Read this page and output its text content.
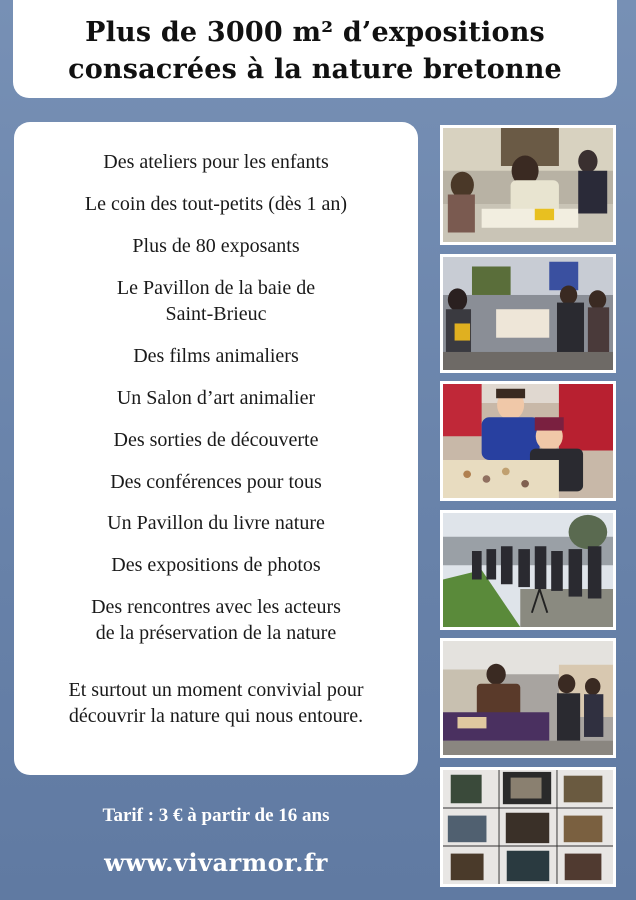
Plus de 3000 m² d’expositions
consacrées à la nature bretonne
Des ateliers pour les enfants
Le coin des tout-petits (dès 1 an)
Plus de 80 exposants
Le Pavillon de la baie de
Saint-Brieuc
Des films animaliers
Un Salon d’art animalier
Des sorties de découverte
Des conférences pour tous
Un Pavillon du livre nature
Des expositions de photos
Des rencontres avec les acteurs
de la préservation de la nature
Et surtout un moment convivial pour
découvrir la nature qui nous entoure.
Tarif : 3 € à partir de 16 ans
www.vivarmor.fr
